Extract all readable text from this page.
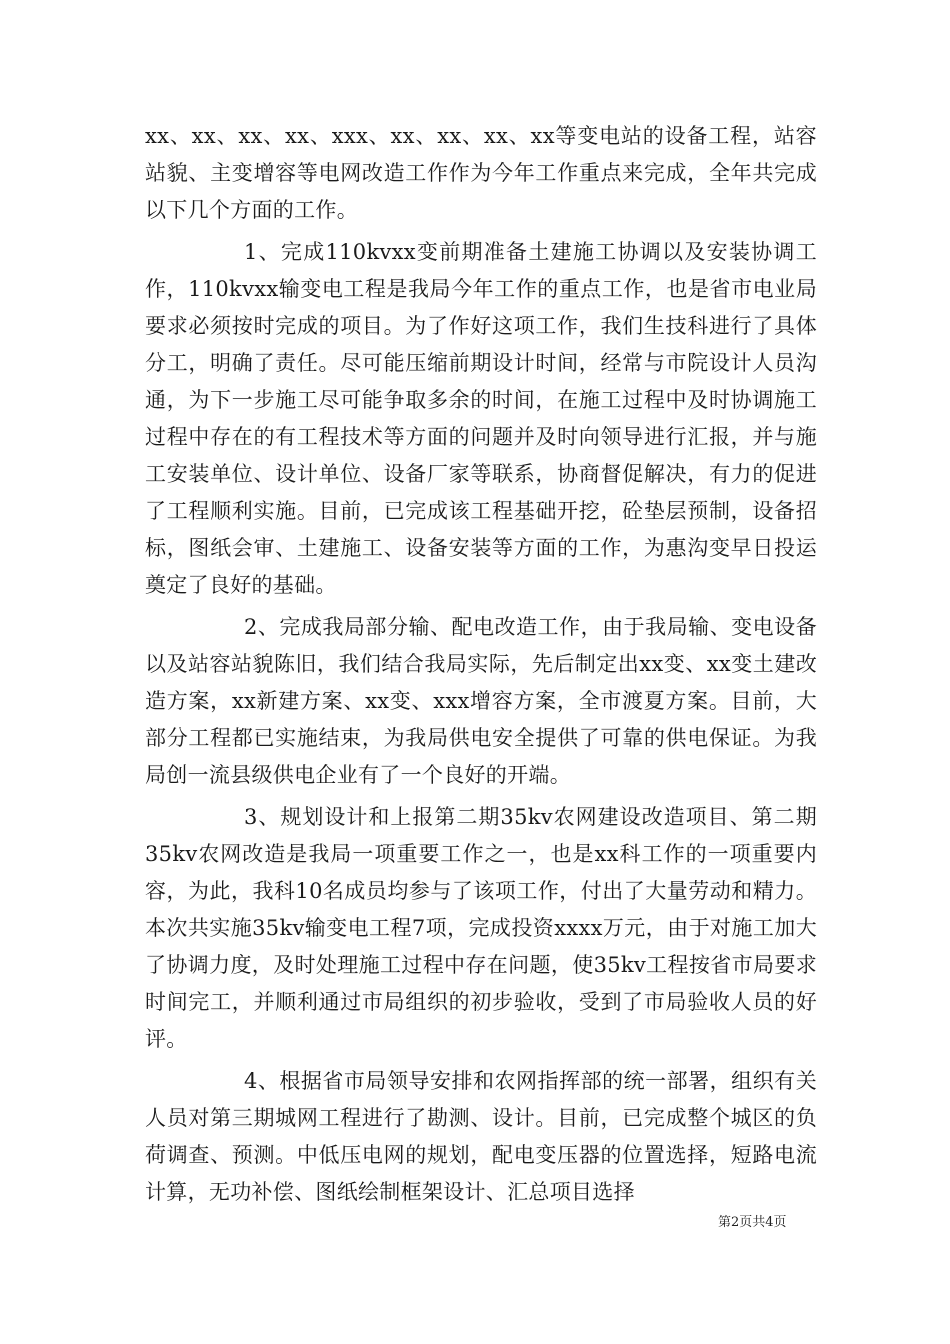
xx、xx、xx、xx、xxx、xx、xx、xx、xx等变电站的设备工程，站容站貌、主变增容等电网改造工作作为今年工作重点来完成，全年共完成以下几个方面的工作。

1、完成110kvxx变前期准备土建施工协调以及安装协调工作，110kvxx输变电工程是我局今年工作的重点工作，也是省市电业局要求必须按时完成的项目。为了作好这项工作，我们生技科进行了具体分工，明确了责任。尽可能压缩前期设计时间，经常与市院设计人员沟通，为下一步施工尽可能争取多余的时间，在施工过程中及时协调施工过程中存在的有工程技术等方面的问题并及时向领导进行汇报，并与施工安装单位、设计单位、设备厂家等联系，协商督促解决，有力的促进了工程顺利实施。目前，已完成该工程基础开挖，砼垫层预制，设备招标，图纸会审、土建施工、设备安装等方面的工作，为惠沟变早日投运奠定了良好的基础。

2、完成我局部分输、配电改造工作，由于我局输、变电设备以及站容站貌陈旧，我们结合我局实际，先后制定出xx变、xx变土建改造方案，xx新建方案、xx变、xxx增容方案，全市渡夏方案。目前，大部分工程都已实施结束，为我局供电安全提供了可靠的供电保证。为我局创一流县级供电企业有了一个良好的开端。

3、规划设计和上报第二期35kv农网建设改造项目、第二期35kv农网改造是我局一项重要工作之一，也是xx科工作的一项重要内容，为此，我科10名成员均参与了该项工作，付出了大量劳动和精力。本次共实施35kv输变电工程7项，完成投资xxxx万元，由于对施工加大了协调力度，及时处理施工过程中存在问题，使35kv工程按省市局要求时间完工，并顺利通过市局组织的初步验收，受到了市局验收人员的好评。

4、根据省市局领导安排和农网指挥部的统一部署，组织有关人员对第三期城网工程进行了勘测、设计。目前，已完成整个城区的负荷调查、预测。中低压电网的规划，配电变压器的位置选择，短路电流计算，无功补偿、图纸绘制框架设计、汇总项目选择

第2页共4页
